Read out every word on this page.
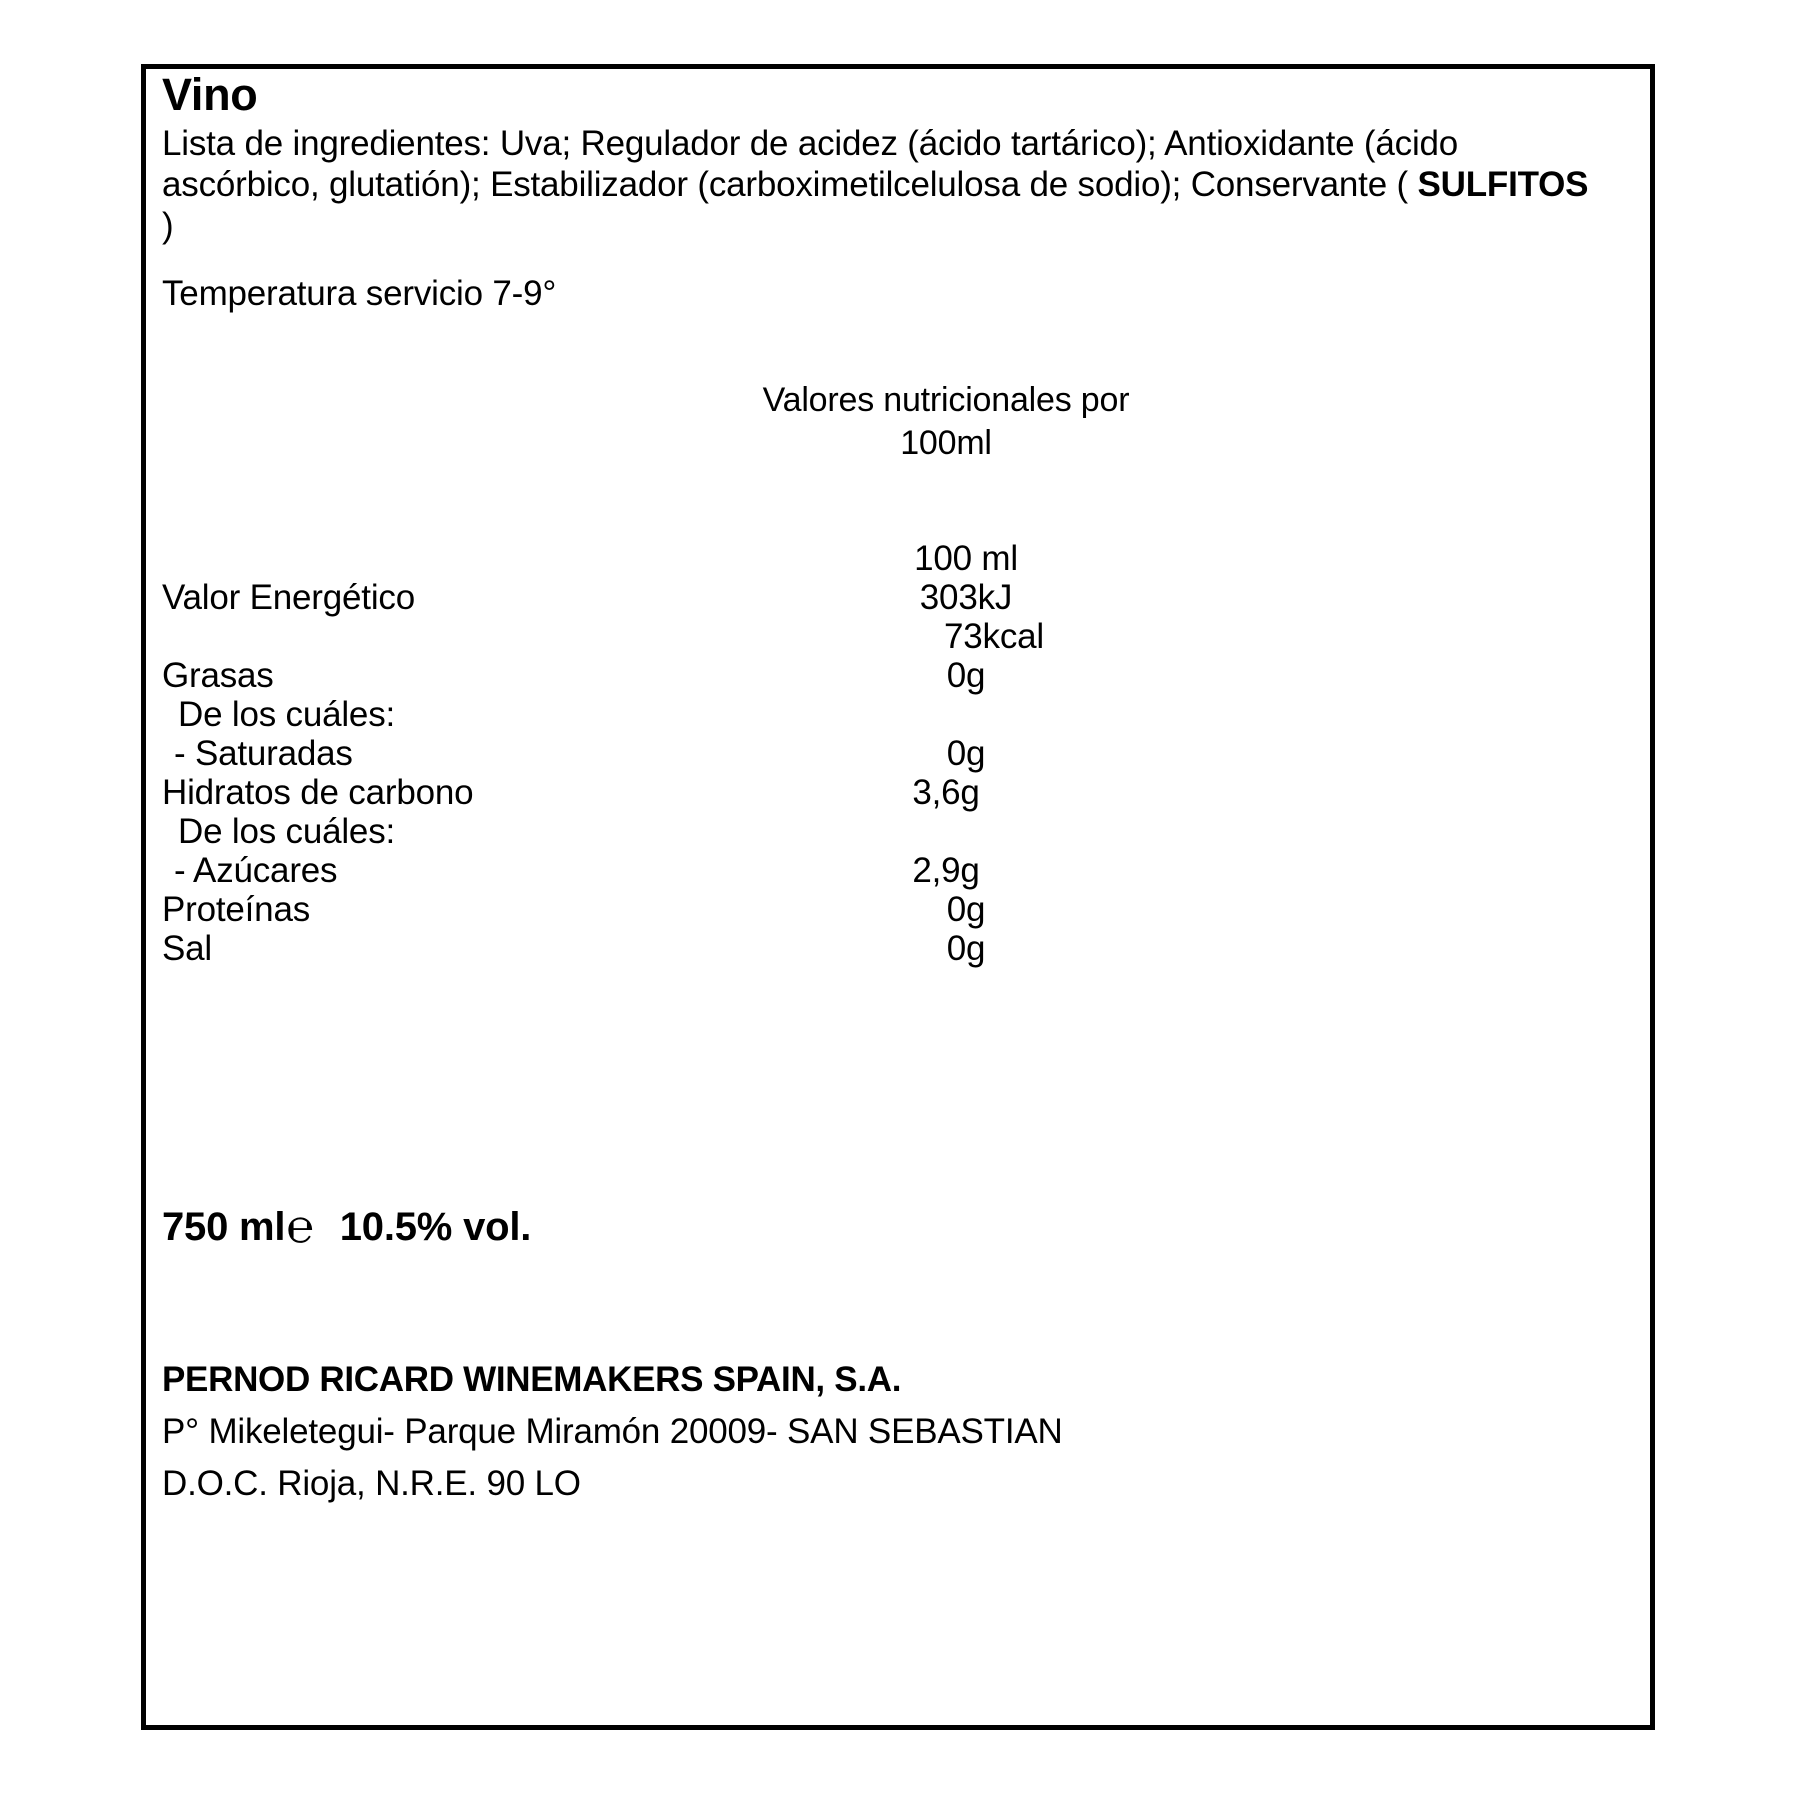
Vino
Lista de ingredientes: Uva; Regulador de acidez (ácido tartárico); Antioxidante (ácido ascórbico, glutatión); Estabilizador (carboximetilcelulosa de sodio); Conservante ( SULFITOS )
Temperatura servicio 7-9°
Valores nutricionales por
100ml
100 ml
Valor Energético	303kJ
73kcal
Grasas	0g
De los cuáles:
- Saturadas	0g
Hidratos de carbono	3,6g
De los cuáles:
- Azúcares	2,9g
Proteínas	0g
Sal	0g
750 ml ℮ 10.5% vol.
PERNOD RICARD WINEMAKERS SPAIN, S.A.
P° Mikeletegui- Parque Miramón 20009- SAN SEBASTIAN
D.O.C. Rioja, N.R.E. 90 LO
